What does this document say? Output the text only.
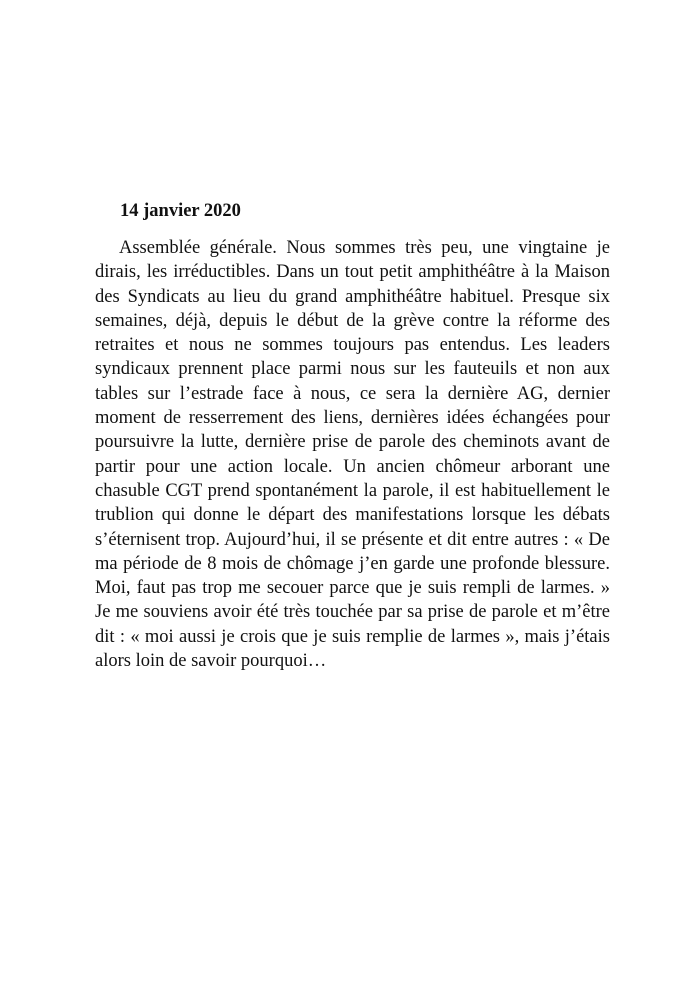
14 janvier 2020

Assemblée générale. Nous sommes très peu, une vingtaine je dirais, les irréductibles. Dans un tout petit amphithéâtre à la Maison des Syndicats au lieu du grand amphithéâtre habituel. Presque six semaines, déjà, depuis le début de la grève contre la réforme des retraites et nous ne sommes toujours pas entendus. Les leaders syndicaux prennent place parmi nous sur les fauteuils et non aux tables sur l’estrade face à nous, ce sera la dernière AG, dernier moment de resserrement des liens, dernières idées échangées pour poursuivre la lutte, dernière prise de parole des cheminots avant de partir pour une action locale. Un ancien chômeur arborant une chasuble CGT prend spontanément la parole, il est habituellement le trublion qui donne le départ des manifestations lorsque les débats s’éternisent trop. Aujourd’hui, il se présente et dit entre autres : « De ma période de 8 mois de chômage j’en garde une profonde blessure. Moi, faut pas trop me secouer parce que je suis rempli de larmes. » Je me souviens avoir été très touchée par sa prise de parole et m’être dit : « moi aussi je crois que je suis remplie de larmes », mais j’étais alors loin de savoir pourquoi…
